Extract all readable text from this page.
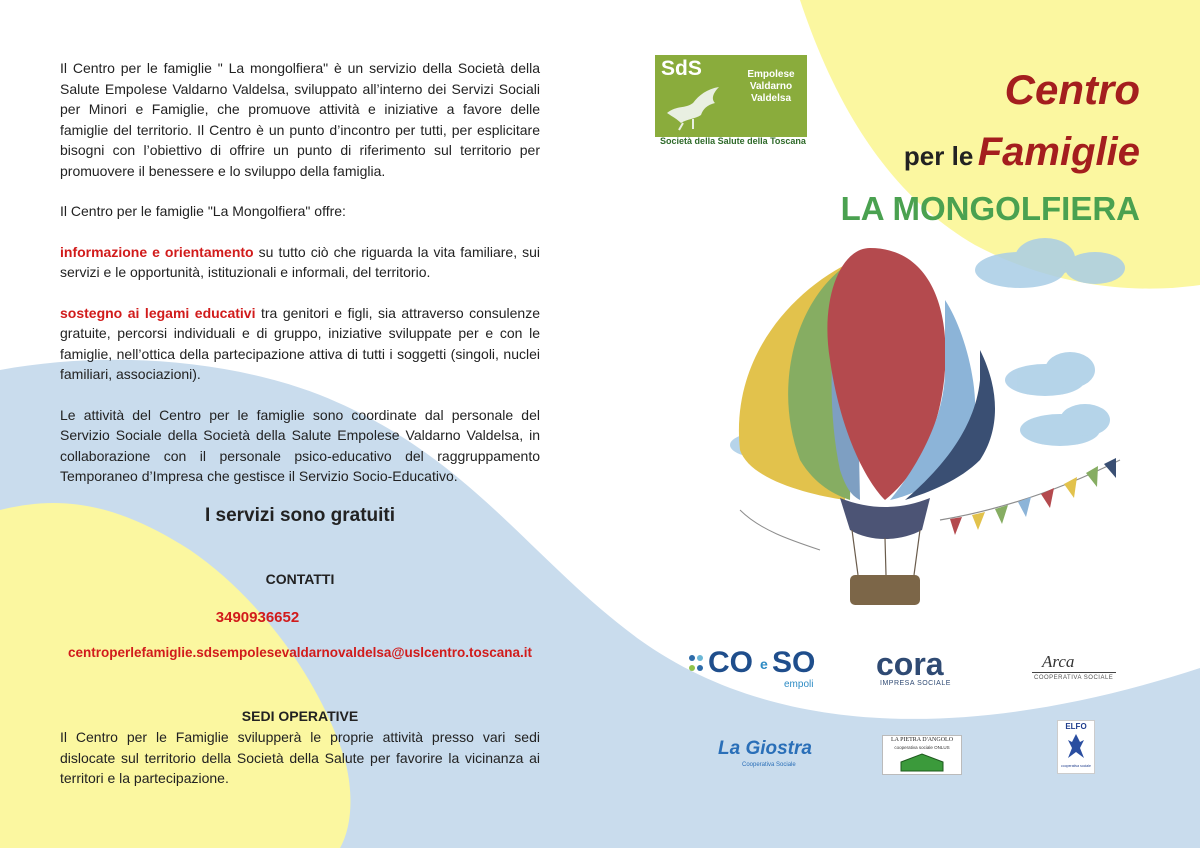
Il Centro per le famiglie " La mongolfiera" è un servizio della Società della Salute Empolese Valdarno Valdelsa, sviluppato all’interno dei Servizi Sociali per Minori e Famiglie, che promuove attività e iniziative a favore delle famiglie del territorio. Il Centro è un punto d’incontro per tutti, per esplicitare bisogni con l’obiettivo di offrire un punto di riferimento sul territorio per promuovere il benessere e lo sviluppo della famiglia.

Il Centro per le famiglie "La Mongolfiera" offre:

informazione e orientamento su tutto ciò che riguarda la vita familiare, sui servizi e le opportunità, istituzionali e informali, del territorio.

sostegno ai legami educativi tra genitori e figli, sia attraverso consulenze gratuite, percorsi individuali e di gruppo, iniziative sviluppate per e con le famiglie, nell’ottica della partecipazione attiva di tutti i soggetti (singoli, nuclei familiari, associazioni).

Le attività del Centro per le famiglie sono coordinate dal personale del Servizio Sociale della Società della Salute Empolese Valdarno Valdelsa, in collaborazione con il personale psico-educativo del raggruppamento Temporaneo d’Impresa che gestisce il Servizio Socio-Educativo.

I servizi sono gratuiti
CONTATTI
3490936652
centroperlefamiglie.sdsempolesevaldarnovaldelsa@uslcentro.toscana.it
SEDI OPERATIVE

Il Centro per le Famiglie svilupperà le proprie attività presso vari sedi dislocate sul territorio della Società della Salute per favorire la vicinanza ai territori e la partecipazione.

SdS	Empolese
Valdarno
Valdelsa
Società della Salute della Toscana
Centro
per le Famiglie
LA MONGOLFIERA
CO e SO
empoli
cora
IMPRESA SOCIALE
Arca
COOPERATIVA SOCIALE
La Giostra
Cooperativa Sociale
LA PIETRA D'ANGOLO
cooperativa sociale ONLUS
ELFO
cooperativa sociale
